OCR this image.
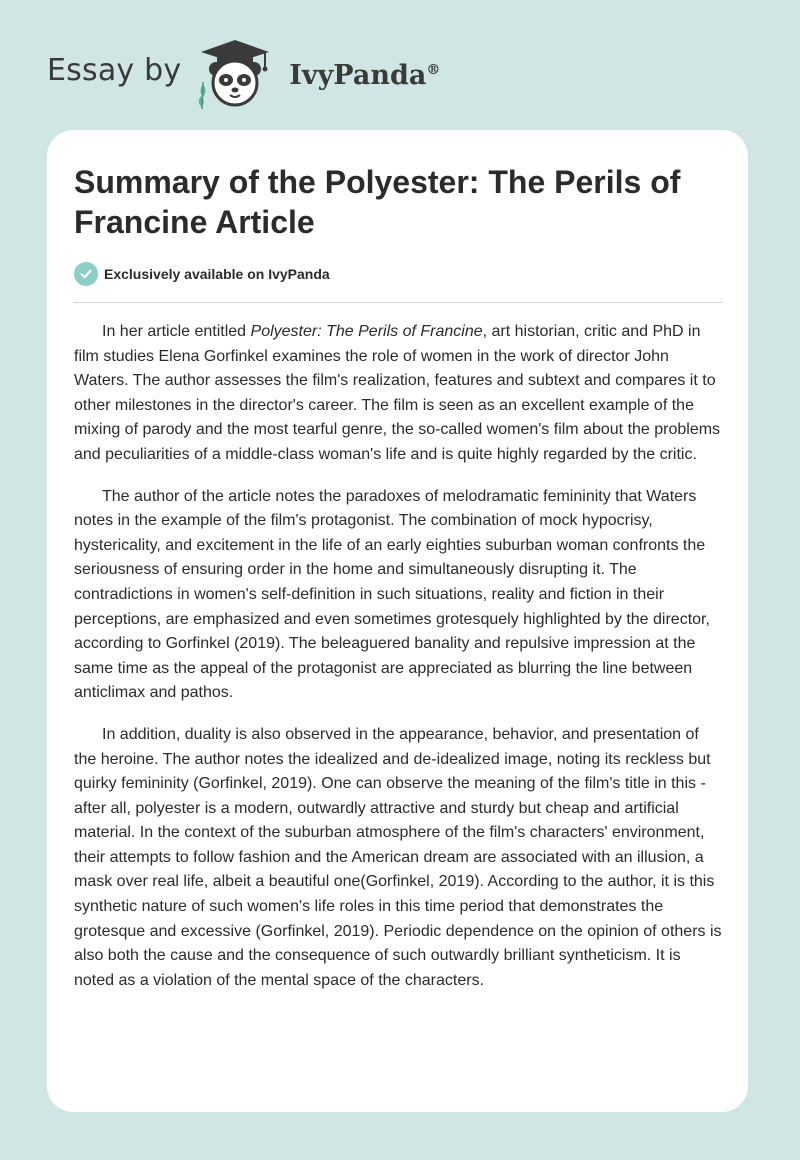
Essay by	IvyPanda®
Summary of the Polyester: The Perils of Francine Article
Exclusively available on IvyPanda

In her article entitled Polyester: The Perils of Francine, art historian, critic and PhD in film studies Elena Gorfinkel examines the role of women in the work of director John Waters. The author assesses the film's realization, features and subtext and compares it to other milestones in the director's career. The film is seen as an excellent example of the mixing of parody and the most tearful genre, the so-called women's film about the problems and peculiarities of a middle-class woman's life and is quite highly regarded by the critic.

The author of the article notes the paradoxes of melodramatic femininity that Waters notes in the example of the film's protagonist. The combination of mock hypocrisy, hystericality, and excitement in the life of an early eighties suburban woman confronts the seriousness of ensuring order in the home and simultaneously disrupting it. The contradictions in women's self-definition in such situations, reality and fiction in their perceptions, are emphasized and even sometimes grotesquely highlighted by the director, according to Gorfinkel (2019). The beleaguered banality and repulsive impression at the same time as the appeal of the protagonist are appreciated as blurring the line between anticlimax and pathos.

In addition, duality is also observed in the appearance, behavior, and presentation of the heroine. The author notes the idealized and de-idealized image, noting its reckless but quirky femininity (Gorfinkel, 2019). One can observe the meaning of the film's title in this - after all, polyester is a modern, outwardly attractive and sturdy but cheap and artificial material. In the context of the suburban atmosphere of the film's characters' environment, their attempts to follow fashion and the American dream are associated with an illusion, a mask over real life, albeit a beautiful one(Gorfinkel, 2019). According to the author, it is this synthetic nature of such women's life roles in this time period that demonstrates the grotesque and excessive (Gorfinkel, 2019). Periodic dependence on the opinion of others is also both the cause and the consequence of such outwardly brilliant syntheticism. It is noted as a violation of the mental space of the characters.
